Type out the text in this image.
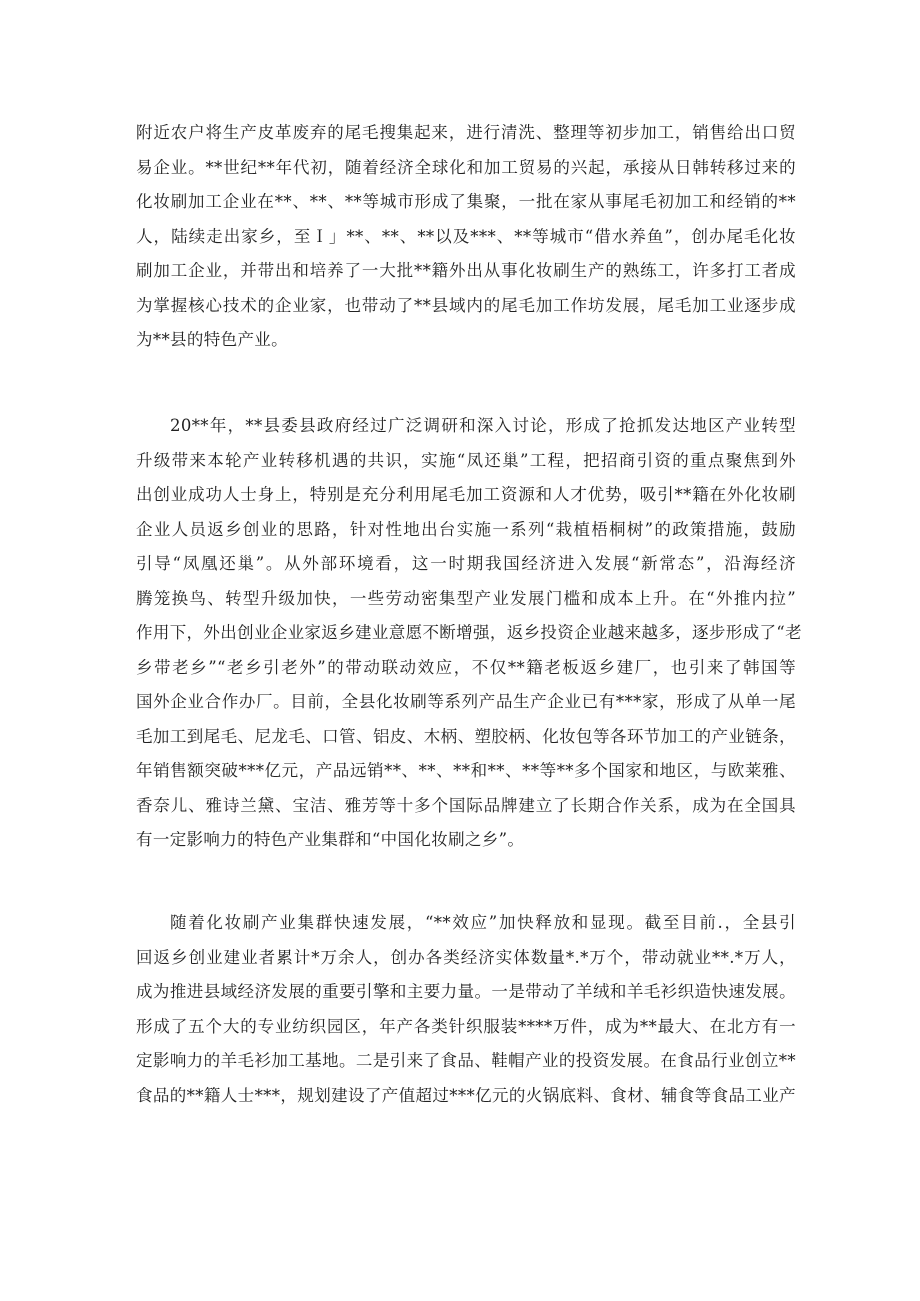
附近农户将生产皮革废弃的尾毛搜集起来，进行清洗、整理等初步加工，销售给出口贸
易企业。**世纪**年代初，随着经济全球化和加工贸易的兴起，承接从日韩转移过来的
化妆刷加工企业在**、**、**等城市形成了集聚，一批在家从事尾毛初加工和经销的**
人，陆续走出家乡，至Ｉ」**、**、**以及***、**等城市“借水养鱼”，创办尾毛化妆
刷加工企业，并带出和培养了一大批**籍外出从事化妆刷生产的熟练工，许多打工者成
为掌握核心技术的企业家，也带动了**县域内的尾毛加工作坊发展，尾毛加工业逐步成
为**县的特色产业。
20**年，**县委县政府经过广泛调研和深入讨论，形成了抢抓发达地区产业转型
升级带来本轮产业转移机遇的共识，实施“凤还巢”工程，把招商引资的重点聚焦到外
出创业成功人士身上，特别是充分利用尾毛加工资源和人才优势，吸引**籍在外化妆刷
企业人员返乡创业的思路，针对性地出台实施一系列“栽植梧桐树”的政策措施，鼓励
引导“凤凰还巢”。从外部环境看，这一时期我国经济进入发展“新常态”，沿海经济
腾笼换鸟、转型升级加快，一些劳动密集型产业发展门槛和成本上升。在“外推内拉”
作用下，外出创业企业家返乡建业意愿不断增强，返乡投资企业越来越多，逐步形成了“老
乡带老乡”“老乡引老外”的带动联动效应，不仅**籍老板返乡建厂，也引来了韩国等
国外企业合作办厂。目前，全县化妆刷等系列产品生产企业已有***家，形成了从单一尾
毛加工到尾毛、尼龙毛、口管、铝皮、木柄、塑胶柄、化妆包等各环节加工的产业链条，
年销售额突破***亿元，产品远销**、**、**和**、**等**多个国家和地区，与欧莱雅、
香奈儿、雅诗兰黛、宝洁、雅芳等十多个国际品牌建立了长期合作关系，成为在全国具
有一定影响力的特色产业集群和“中国化妆刷之乡”。
随着化妆刷产业集群快速发展，“**效应”加快释放和显现。截至目前.，全县引
回返乡创业建业者累计*万余人，创办各类经济实体数量*.*万个，带动就业**.*万人，
成为推进县域经济发展的重要引擎和主要力量。一是带动了羊绒和羊毛衫织造快速发展。
形成了五个大的专业纺织园区，年产各类针织服装****万件，成为**最大、在北方有一
定影响力的羊毛衫加工基地。二是引来了食品、鞋帽产业的投资发展。在食品行业创立**
食品的**籍人士***，规划建设了产值超过***亿元的火锅底料、食材、辅食等食品工业产
